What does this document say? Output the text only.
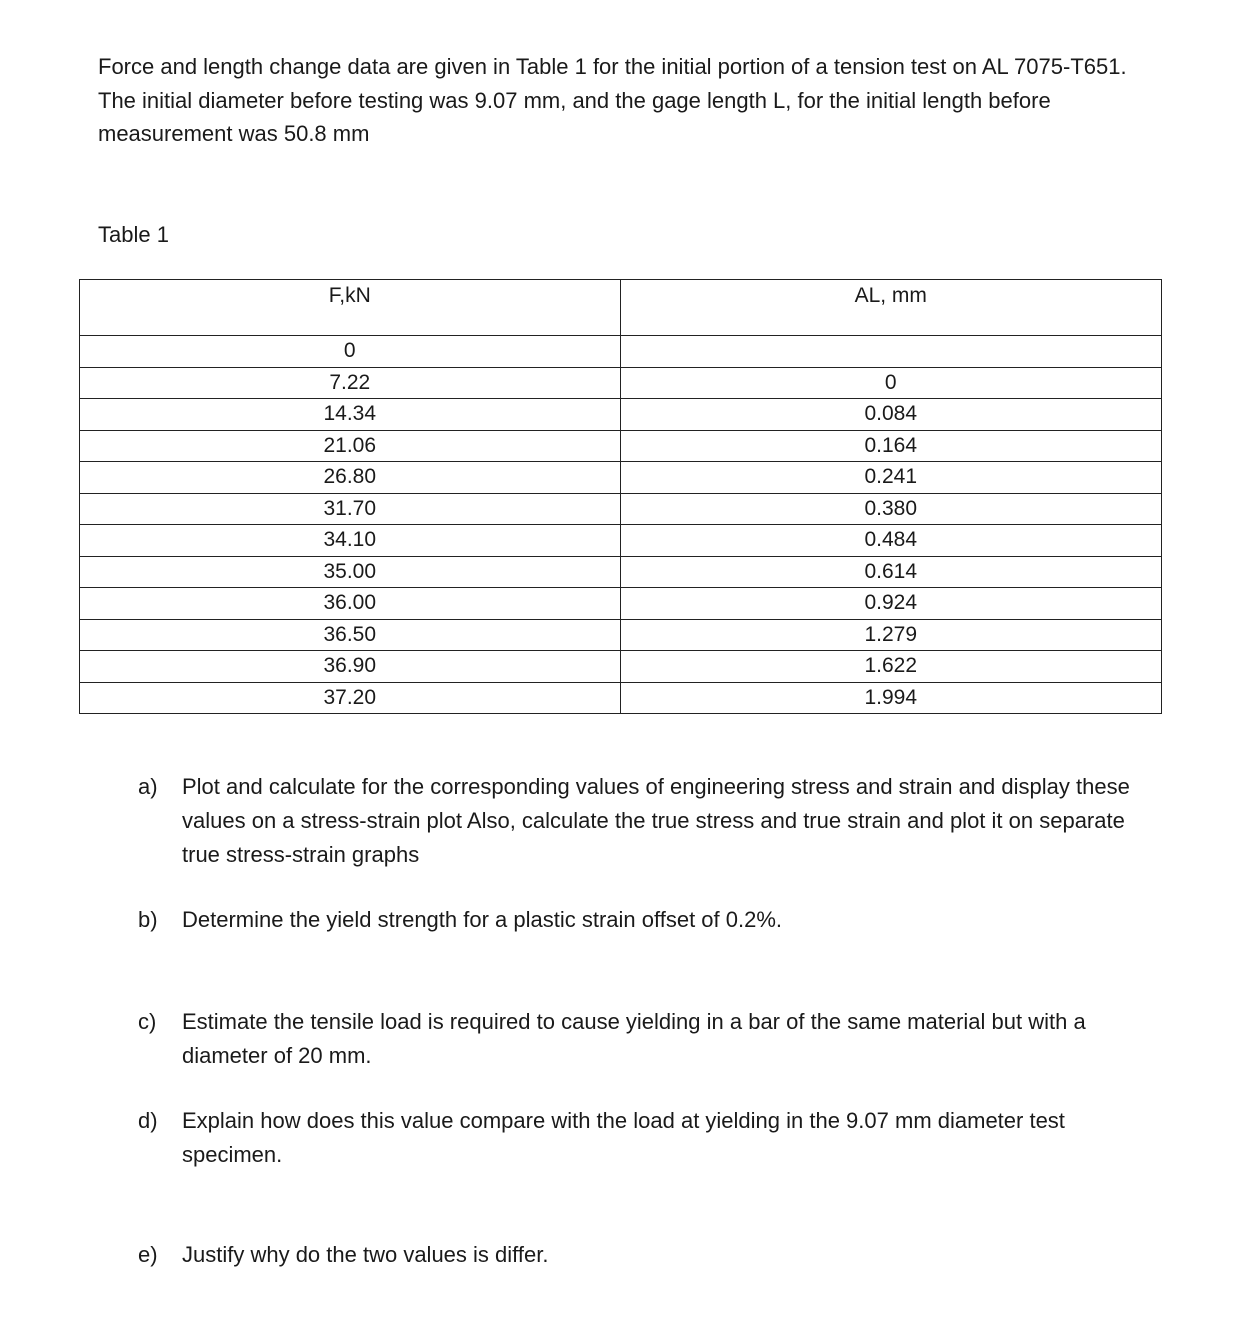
Force and length change data are given in Table 1 for the initial portion of a tension test on AL 7075-T651. The initial diameter before testing was 9.07 mm, and the gage length L, for the initial length before measurement was 50.8 mm

Table 1

F,kN	AL, mm
0	
7.22	0
14.34	0.084
21.06	0.164
26.80	0.241
31.70	0.380
34.10	0.484
35.00	0.614
36.00	0.924
36.50	1.279
36.90	1.622
37.20	1.994
a)	Plot and calculate for the corresponding values of engineering stress and strain and display these values on a stress-strain plot Also, calculate the true stress and true strain and plot it on separate true stress-strain graphs
b)	Determine the yield strength for a plastic strain offset of 0.2%.
c)	Estimate the tensile load is required to cause yielding in a bar of the same material but with a diameter of 20 mm.
d)	Explain how does this value compare with the load at yielding in the 9.07 mm diameter test specimen.
e)	Justify why do the two values is differ.
